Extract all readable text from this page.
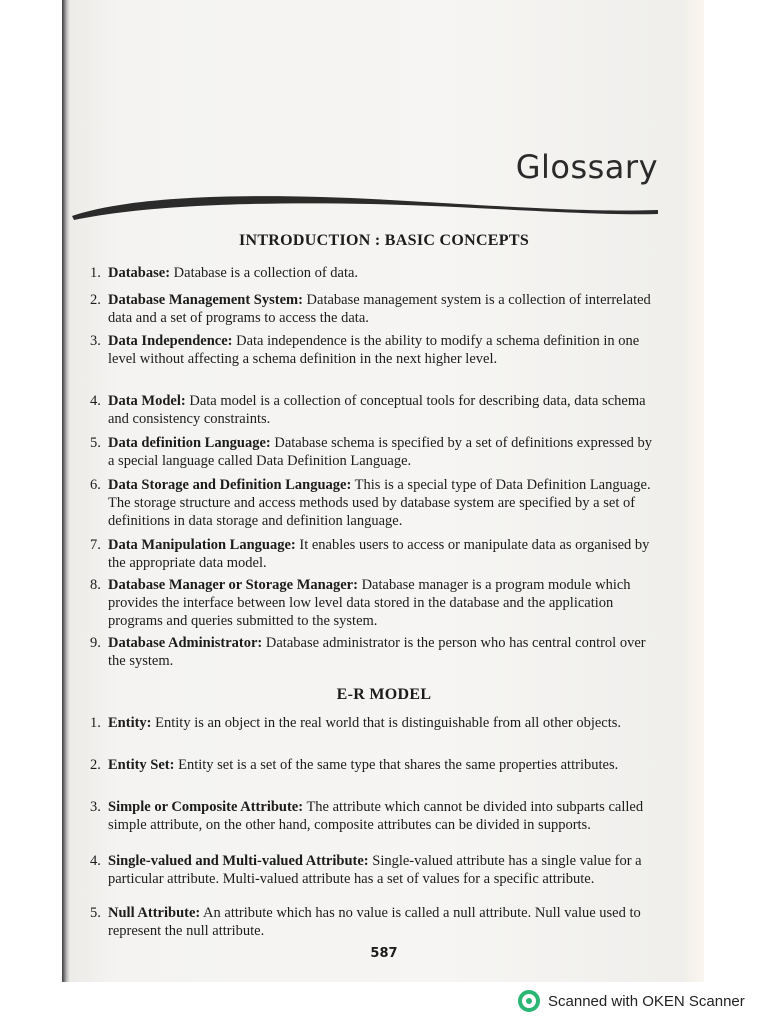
Glossary
INTRODUCTION : BASIC CONCEPTS
1. Database: Database is a collection of data.
2. Database Management System: Database management system is a collection of interrelated data and a set of programs to access the data.
3. Data Independence: Data independence is the ability to modify a schema definition in one level without affecting a schema definition in the next higher level.
4. Data Model: Data model is a collection of conceptual tools for describing data, data schema and consistency constraints.
5. Data definition Language: Database schema is specified by a set of definitions expressed by a special language called Data Definition Language.
6. Data Storage and Definition Language: This is a special type of Data Definition Language. The storage structure and access methods used by database system are specified by a set of definitions in data storage and definition language.
7. Data Manipulation Language: It enables users to access or manipulate data as organised by the appropriate data model.
8. Database Manager or Storage Manager: Database manager is a program module which provides the interface between low level data stored in the database and the application programs and queries submitted to the system.
9. Database Administrator: Database administrator is the person who has central control over the system.
E-R MODEL
1. Entity: Entity is an object in the real world that is distinguishable from all other objects.
2. Entity Set: Entity set is a set of the same type that shares the same properties attributes.
3. Simple or Composite Attribute: The attribute which cannot be divided into subparts called simple attribute, on the other hand, composite attributes can be divided in supports.
4. Single-valued and Multi-valued Attribute: Single-valued attribute has a single value for a particular attribute. Multi-valued attribute has a set of values for a specific attribute.
5. Null Attribute: An attribute which has no value is called a null attribute. Null value used to represent the null attribute.
587
Scanned with OKEN Scanner
